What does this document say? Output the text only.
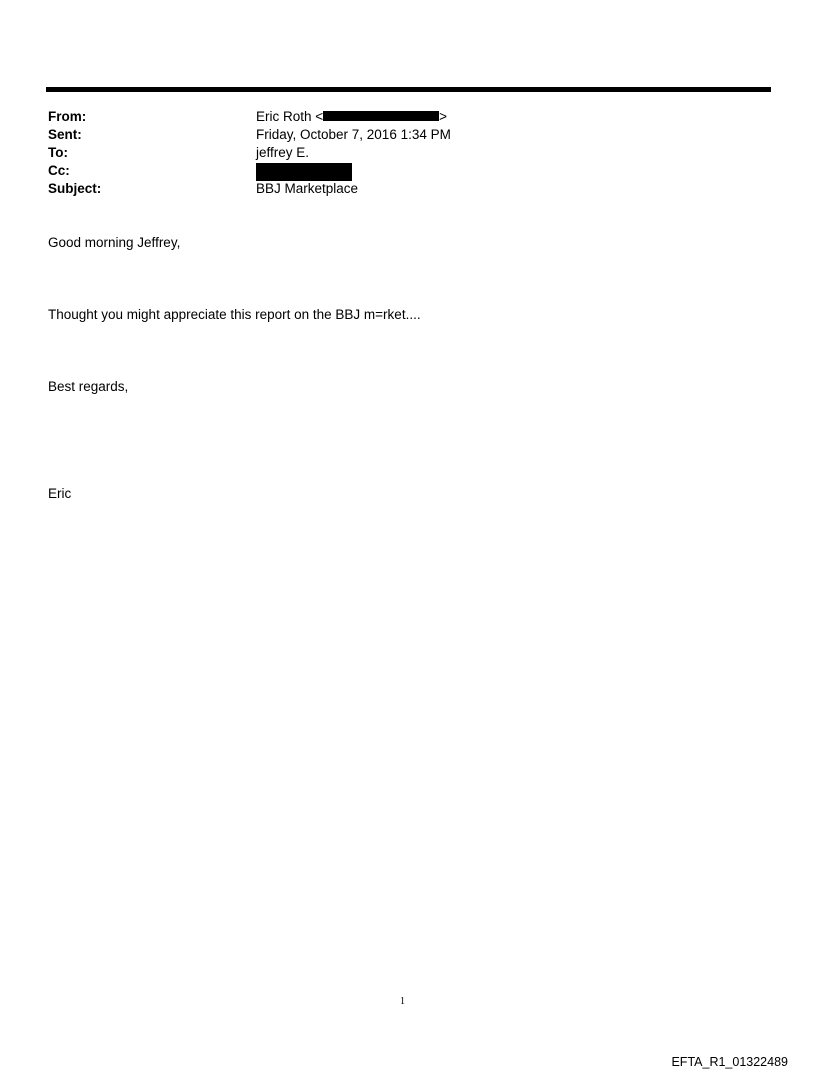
From:	Eric Roth <	>
Sent:	Friday, October 7, 2016 1:34 PM
To:	jeffrey E.
Cc:
Subject:	BBJ Marketplace
Good morning Jeffrey,
Thought you might appreciate this report on the BBJ m=rket....
Best regards,
Eric
1
EFTA_R1_01322489
